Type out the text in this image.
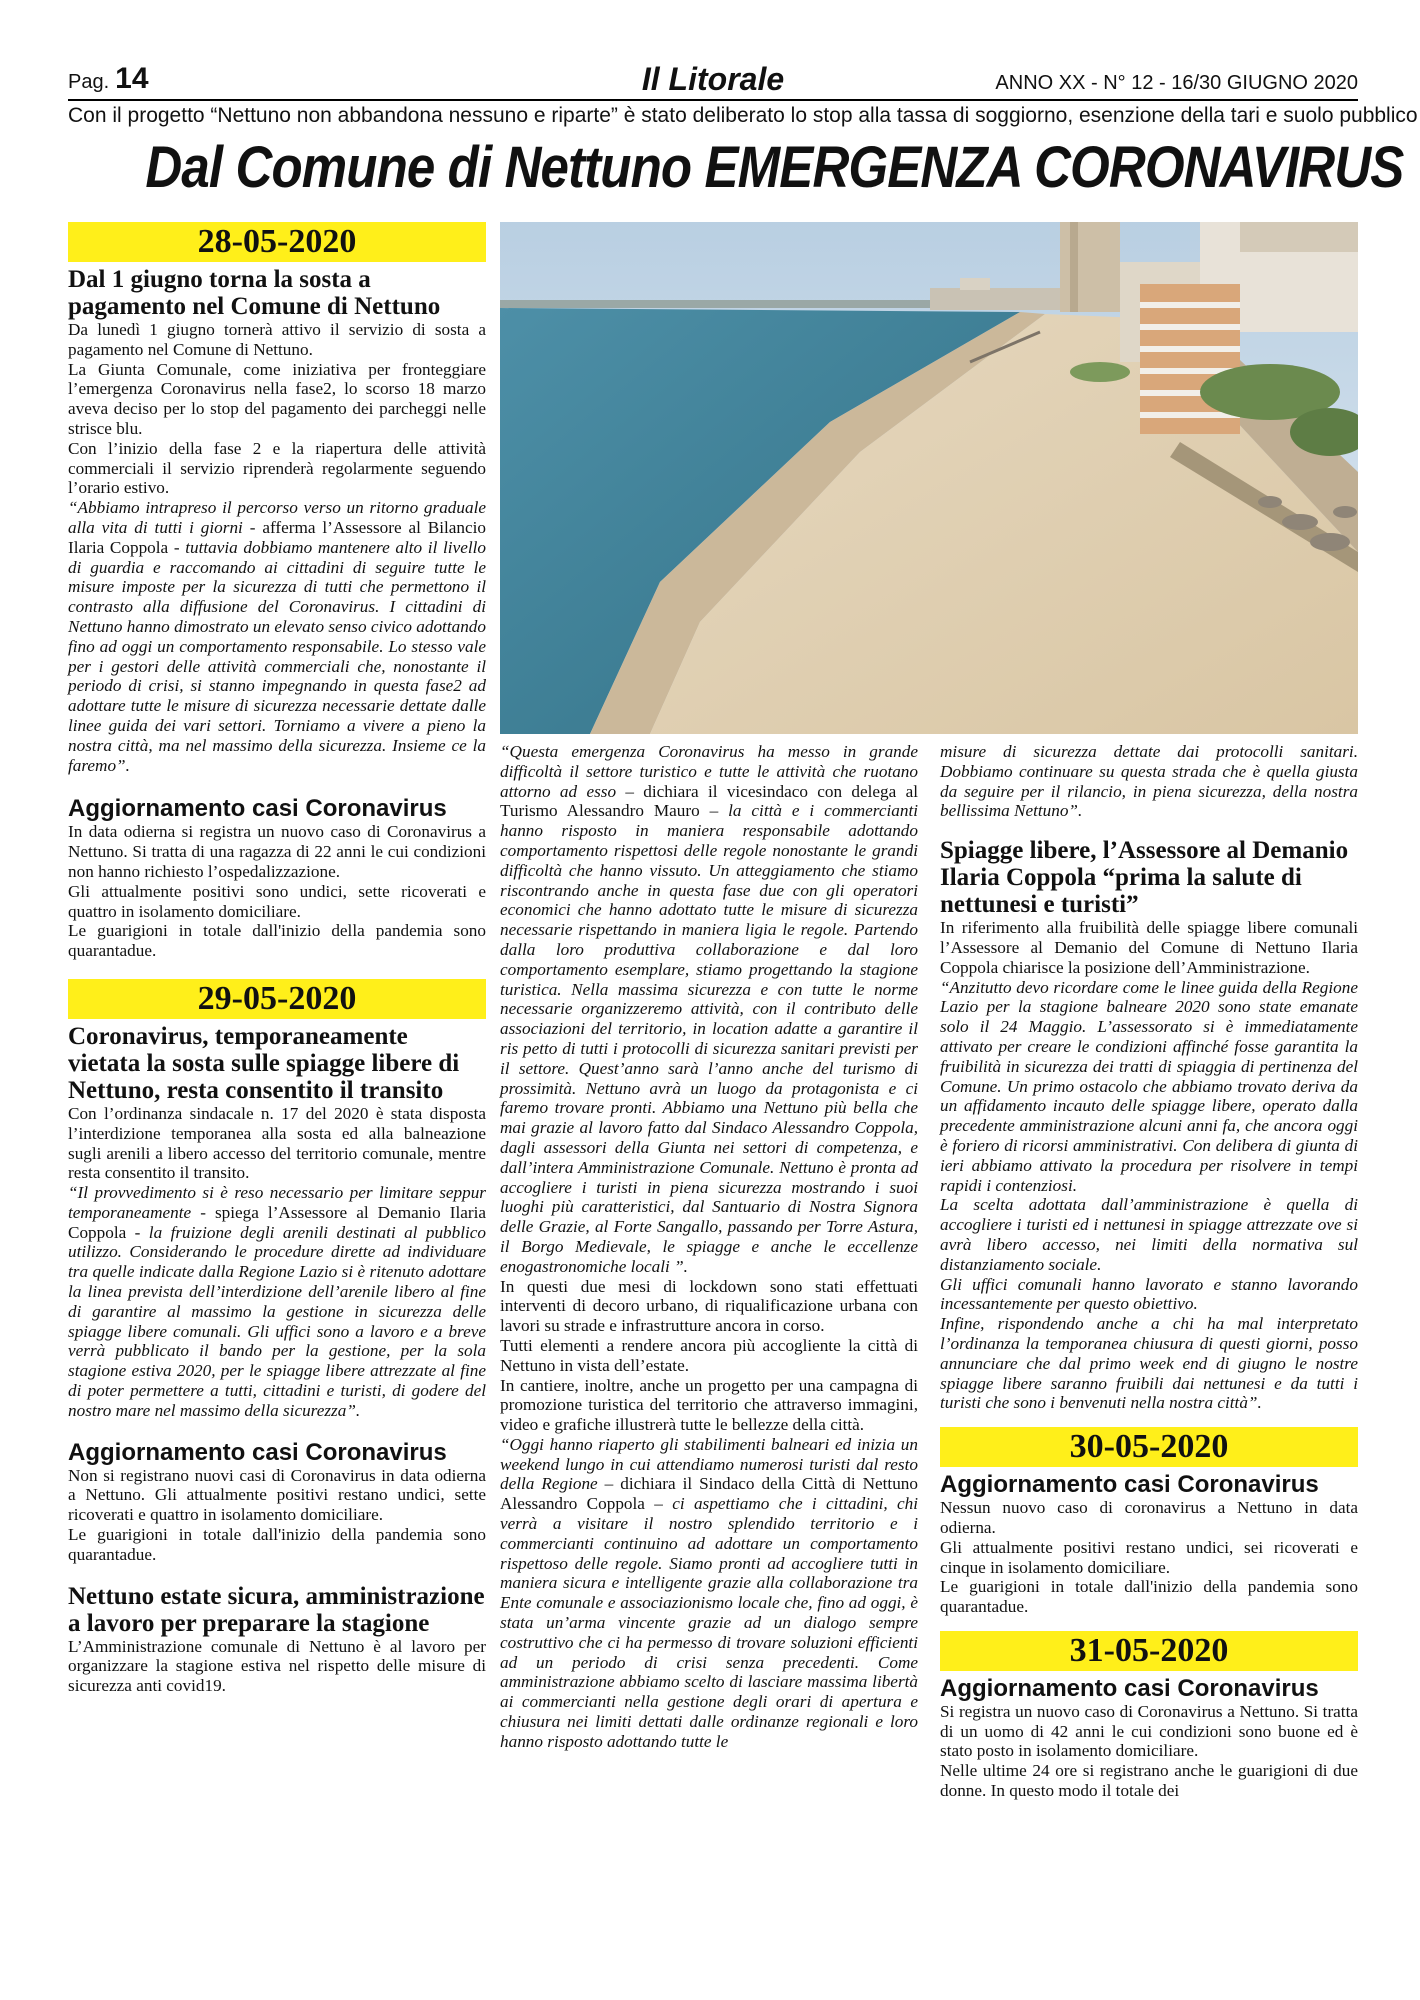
Pag. 14	Il Litorale	ANNO XX - N° 12 - 16/30 GIUGNO 2020
Con il progetto “Nettuno non abbandona nessuno e riparte” è stato deliberato lo stop alla tassa di soggiorno, esenzione della tari e suolo pubblico
Dal Comune di Nettuno EMERGENZA CORONAVIRUS
28-05-2020
Dal 1 giugno torna la sosta a pagamento nel Comune di Nettuno

Da lunedì 1 giugno tornerà attivo il servizio di sosta a pagamento nel Comune di Nettuno.

La Giunta Comunale, come iniziativa per fronteggiare l’emergenza Coronavirus nella fase2, lo scorso 18 marzo aveva deciso per lo stop del pagamento dei parcheggi nelle strisce blu.

Con l’inizio della fase 2 e la riapertura delle attività commerciali il servizio riprenderà regolarmente seguendo l’orario estivo.

“Abbiamo intrapreso il percorso verso un ritorno graduale alla vita di tutti i giorni - afferma l’Assessore al Bilancio Ilaria Coppola - tuttavia dobbiamo mantenere alto il livello di guardia e raccomando ai cittadini di seguire tutte le misure imposte per la sicurezza di tutti che permettono il contrasto alla diffusione del Coronavirus. I cittadini di Nettuno hanno dimostrato un elevato senso civico adottando fino ad oggi un comportamento responsabile. Lo stesso vale per i gestori delle attività commerciali che, nonostante il periodo di crisi, si stanno impegnando in questa fase2 ad adottare tutte le misure di sicurezza necessarie dettate dalle linee guida dei vari settori. Torniamo a vivere a pieno la nostra città, ma nel massimo della sicurezza. Insieme ce la faremo”.

Aggiornamento casi Coronavirus

In data odierna si registra un nuovo caso di Coronavirus a Nettuno. Si tratta di una ragazza di 22 anni le cui condizioni non hanno richiesto l’ospedalizzazione.

Gli attualmente positivi sono undici, sette ricoverati e quattro in isolamento domiciliare.

Le guarigioni in totale dall'inizio della pandemia sono quarantadue.

29-05-2020
Coronavirus, temporaneamente vietata la sosta sulle spiagge libere di Nettuno, resta consentito il transito

Con l’ordinanza sindacale n. 17 del 2020 è stata disposta l’interdizione temporanea alla sosta ed alla balneazione sugli arenili a libero accesso del territorio comunale, mentre resta consentito il transito.

“Il provvedimento si è reso necessario per limitare seppur temporaneamente - spiega l’Assessore al Demanio Ilaria Coppola - la fruizione degli arenili destinati al pubblico utilizzo. Considerando le procedure dirette ad individuare tra quelle indicate dalla Regione Lazio si è ritenuto adottare la linea prevista dell’interdizione dell’arenile libero al fine di garantire al massimo la gestione in sicurezza delle spiagge libere comunali. Gli uffici sono a lavoro e a breve verrà pubblicato il bando per la gestione, per la sola stagione estiva 2020, per le spiagge libere attrezzate al fine di poter permettere a tutti, cittadini e turisti, di godere del nostro mare nel massimo della sicurezza”.

Aggiornamento casi Coronavirus

Non si registrano nuovi casi di Coronavirus in data odierna a Nettuno. Gli attualmente positivi restano undici, sette ricoverati e quattro in isolamento domiciliare.

Le guarigioni in totale dall'inizio della pandemia sono quarantadue.

Nettuno estate sicura, amministrazione a lavoro per preparare la stagione

L’Amministrazione comunale di Nettuno è al lavoro per organizzare la stagione estiva nel rispetto delle misure di sicurezza anti covid19.

“Questa emergenza Coronavirus ha messo in grande difficoltà il settore turistico e tutte le attività che ruotano attorno ad esso – dichiara il vicesindaco con delega al Turismo Alessandro Mauro – la città e i commercianti hanno risposto in maniera responsabile adottando comportamento rispettosi delle regole nonostante le grandi difficoltà che hanno vissuto. Un atteggiamento che stiamo riscontrando anche in questa fase due con gli operatori economici che hanno adottato tutte le misure di sicurezza necessarie rispettando in maniera ligia le regole. Partendo dalla loro produttiva collaborazione e dal loro comportamento esemplare, stiamo progettando la stagione turistica. Nella massima sicurezza e con tutte le norme necessarie organizzeremo attività, con il contributo delle associazioni del territorio, in location adatte a garantire il ris petto di tutti i protocolli di sicurezza sanitari previsti per il settore. Quest’anno sarà l’anno anche del turismo di prossimità. Nettuno avrà un luogo da protagonista e ci faremo trovare pronti. Abbiamo una Nettuno più bella che mai grazie al lavoro fatto dal Sindaco Alessandro Coppola, dagli assessori della Giunta nei settori di competenza, e dall’intera Amministrazione Comunale. Nettuno è pronta ad accogliere i turisti in piena sicurezza mostrando i suoi luoghi più caratteristici, dal Santuario di Nostra Signora delle Grazie, al Forte Sangallo, passando per Torre Astura, il Borgo Medievale, le spiagge e anche le eccellenze enogastronomiche locali ”.

In questi due mesi di lockdown sono stati effettuati interventi di decoro urbano, di riqualificazione urbana con lavori su strade e infrastrutture ancora in corso.

Tutti elementi a rendere ancora più accogliente la città di Nettuno in vista dell’estate.

In cantiere, inoltre, anche un progetto per una campagna di promozione turistica del territorio che attraverso immagini, video e grafiche illustrerà tutte le bellezze della città.

“Oggi hanno riaperto gli stabilimenti balneari ed inizia un weekend lungo in cui attendiamo numerosi turisti dal resto della Regione – dichiara il Sindaco della Città di Nettuno Alessandro Coppola – ci aspettiamo che i cittadini, chi verrà a visitare il nostro splendido territorio e i commercianti continuino ad adottare un comportamento rispettoso delle regole. Siamo pronti ad accogliere tutti in maniera sicura e intelligente grazie alla collaborazione tra Ente comunale e associazionismo locale che, fino ad oggi, è stata un’arma vincente grazie ad un dialogo sempre costruttivo che ci ha permesso di trovare soluzioni efficienti ad un periodo di crisi senza precedenti. Come amministrazione abbiamo scelto di lasciare massima libertà ai commercianti nella gestione degli orari di apertura e chiusura nei limiti dettati dalle ordinanze regionali e loro hanno risposto adottando tutte le

misure di sicurezza dettate dai protocolli sanitari. Dobbiamo continuare su questa strada che è quella giusta da seguire per il rilancio, in piena sicurezza, della nostra bellissima Nettuno”.

Spiagge libere, l’Assessore al Demanio Ilaria Coppola “prima la salute di nettunesi e turisti”

In riferimento alla fruibilità delle spiagge libere comunali l’Assessore al Demanio del Comune di Nettuno Ilaria Coppola chiarisce la posizione dell’Amministrazione.

“Anzitutto devo ricordare come le linee guida della Regione Lazio per la stagione balneare 2020 sono state emanate solo il 24 Maggio. L’assessorato si è immediatamente attivato per creare le condizioni affinché fosse garantita la fruibilità in sicurezza dei tratti di spiaggia di pertinenza del Comune. Un primo ostacolo che abbiamo trovato deriva da un affidamento incauto delle spiagge libere, operato dalla precedente amministrazione alcuni anni fa, che ancora oggi è foriero di ricorsi amministrativi. Con delibera di giunta di ieri abbiamo attivato la procedura per risolvere in tempi rapidi i contenziosi.

La scelta adottata dall’amministrazione è quella di accogliere i turisti ed i nettunesi in spiagge attrezzate ove si avrà libero accesso, nei limiti della normativa sul distanziamento sociale.

Gli uffici comunali hanno lavorato e stanno lavorando incessantemente per questo obiettivo.

Infine, rispondendo anche a chi ha mal interpretato l’ordinanza la temporanea chiusura di questi giorni, posso annunciare che dal primo week end di giugno le nostre spiagge libere saranno fruibili dai nettunesi e da tutti i turisti che sono i benvenuti nella nostra città”.

30-05-2020
Aggiornamento casi Coronavirus

Nessun nuovo caso di coronavirus a Nettuno in data odierna.

Gli attualmente positivi restano undici, sei ricoverati e cinque in isolamento domiciliare.

Le guarigioni in totale dall'inizio della pandemia sono quarantadue.

31-05-2020
Aggiornamento casi Coronavirus

Si registra un nuovo caso di Coronavirus a Nettuno. Si tratta di un uomo di 42 anni le cui condizioni sono buone ed è stato posto in isolamento domiciliare.

Nelle ultime 24 ore si registrano anche le guarigioni di due donne. In questo modo il totale dei
